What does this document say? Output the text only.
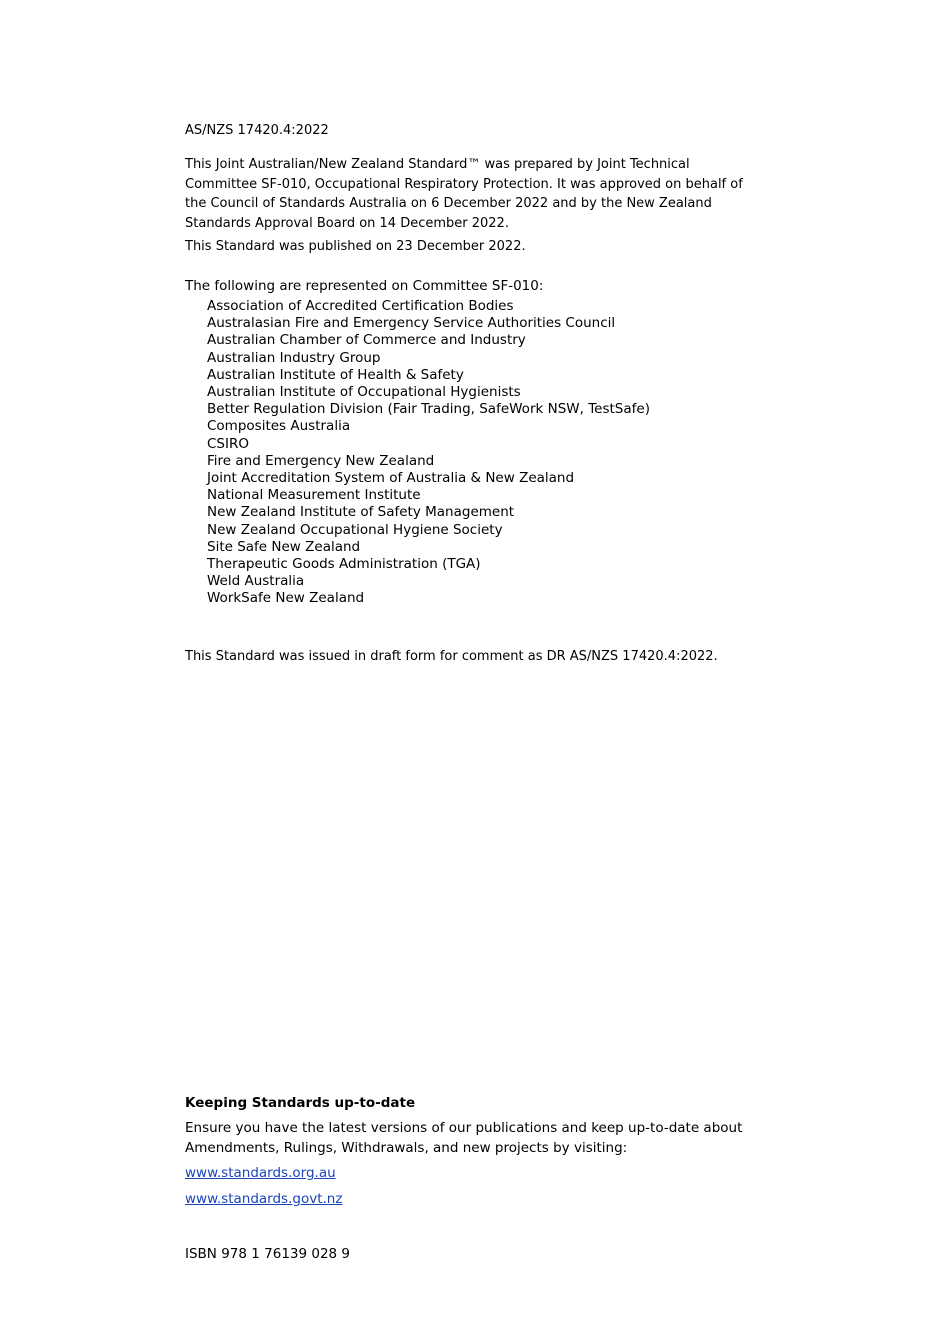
AS/NZS 17420.4:2022
This Joint Australian/New Zealand Standard™ was prepared by Joint Technical Committee SF-010, Occupational Respiratory Protection. It was approved on behalf of the Council of Standards Australia on 6 December 2022 and by the New Zealand Standards Approval Board on 14 December 2022.
This Standard was published on 23 December 2022.
The following are represented on Committee SF-010:
Association of Accredited Certification Bodies
Australasian Fire and Emergency Service Authorities Council
Australian Chamber of Commerce and Industry
Australian Industry Group
Australian Institute of Health & Safety
Australian Institute of Occupational Hygienists
Better Regulation Division (Fair Trading, SafeWork NSW, TestSafe)
Composites Australia
CSIRO
Fire and Emergency New Zealand
Joint Accreditation System of Australia & New Zealand
National Measurement Institute
New Zealand Institute of Safety Management
New Zealand Occupational Hygiene Society
Site Safe New Zealand
Therapeutic Goods Administration (TGA)
Weld Australia
WorkSafe New Zealand
This Standard was issued in draft form for comment as DR AS/NZS 17420.4:2022.
Keeping Standards up-to-date
Ensure you have the latest versions of our publications and keep up-to-date about Amendments, Rulings, Withdrawals, and new projects by visiting:
www.standards.org.au
www.standards.govt.nz
ISBN 978 1 76139 028 9
